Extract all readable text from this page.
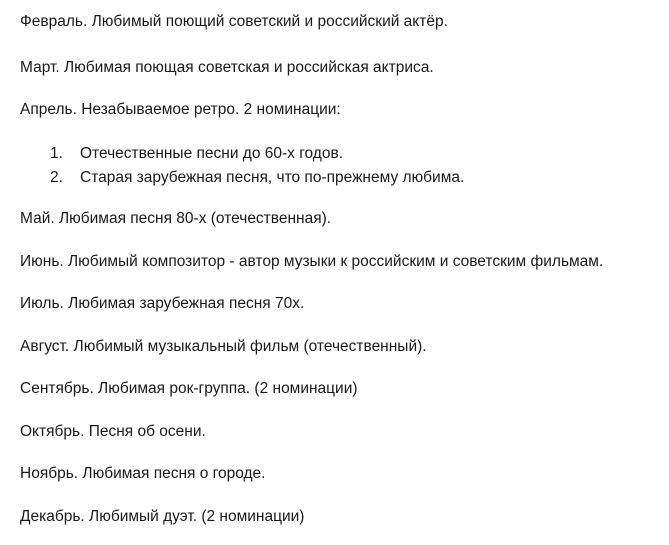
Февраль. Любимый поющий советский и российский актёр.
Март. Любимая поющая советская и российская актриса.
Апрель. Незабываемое ретро. 2 номинации:
1. Отечественные песни до 60-х годов.
2. Старая зарубежная песня, что по-прежнему любима.
Май. Любимая песня 80-х (отечественная).
Июнь. Любимый композитор - автор музыки к российским и советским фильмам.
Июль. Любимая зарубежная песня 70х.
Август. Любимый музыкальный фильм (отечественный).
Сентябрь. Любимая рок-группа. (2 номинации)
Октябрь. Песня об осени.
Ноябрь. Любимая песня о городе.
Декабрь. Любимый дуэт. (2 номинации)
